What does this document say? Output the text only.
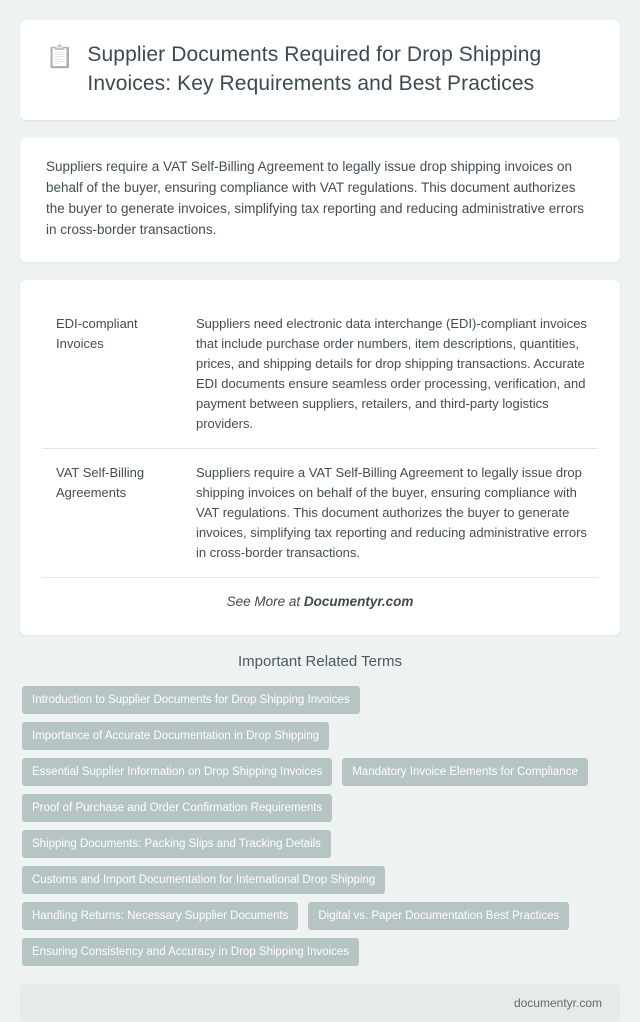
📋 Supplier Documents Required for Drop Shipping Invoices: Key Requirements and Best Practices

Suppliers require a VAT Self-Billing Agreement to legally issue drop shipping invoices on behalf of the buyer, ensuring compliance with VAT regulations. This document authorizes the buyer to generate invoices, simplifying tax reporting and reducing administrative errors in cross-border transactions.

EDI-compliant Invoices	Suppliers need electronic data interchange (EDI)-compliant invoices that include purchase order numbers, item descriptions, quantities, prices, and shipping details for drop shipping transactions. Accurate EDI documents ensure seamless order processing, verification, and payment between suppliers, retailers, and third-party logistics providers.
VAT Self-Billing Agreements	Suppliers require a VAT Self-Billing Agreement to legally issue drop shipping invoices on behalf of the buyer, ensuring compliance with VAT regulations. This document authorizes the buyer to generate invoices, simplifying tax reporting and reducing administrative errors in cross-border transactions.
See More at Documentyr.com
Important Related Terms
Introduction to Supplier Documents for Drop Shipping Invoices
Importance of Accurate Documentation in Drop Shipping
Essential Supplier Information on Drop Shipping Invoices	Mandatory Invoice Elements for Compliance
Proof of Purchase and Order Confirmation Requirements
Shipping Documents: Packing Slips and Tracking Details
Customs and Import Documentation for International Drop Shipping
Handling Returns: Necessary Supplier Documents	Digital vs. Paper Documentation Best Practices
Ensuring Consistency and Accuracy in Drop Shipping Invoices
documentyr.com
